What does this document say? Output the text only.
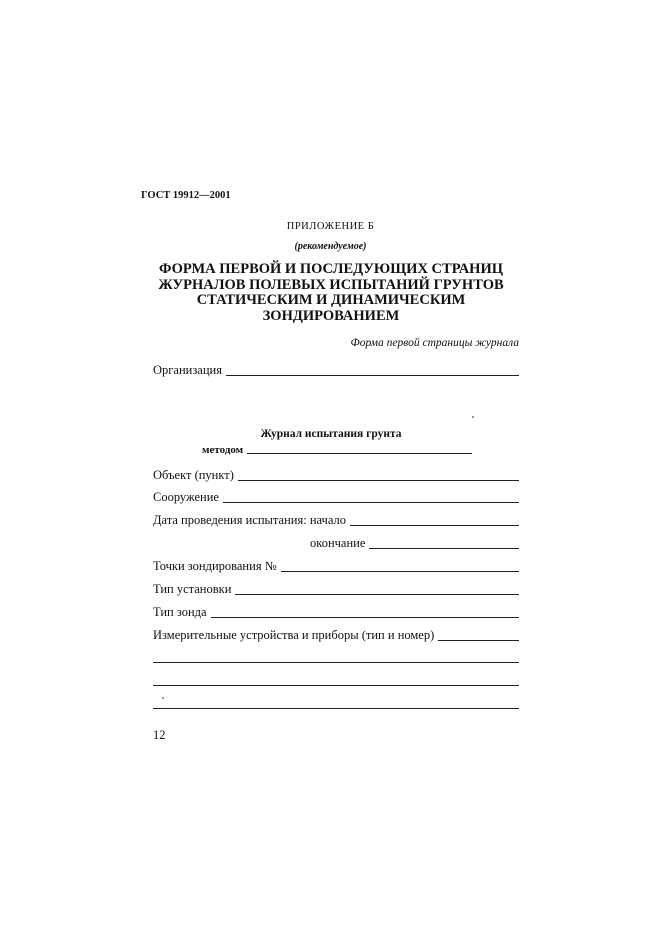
ГОСТ 19912—2001
ПРИЛОЖЕНИЕ Б
(рекомендуемое)
ФОРМА ПЕРВОЙ И ПОСЛЕДУЮЩИХ СТРАНИЦ
ЖУРНАЛОВ ПОЛЕВЫХ ИСПЫТАНИЙ ГРУНТОВ
СТАТИЧЕСКИМ И ДИНАМИЧЕСКИМ
ЗОНДИРОВАНИЕМ
Форма первой страницы журнала
Организация
Журнал испытания грунта
методом
Объект (пункт)
Сооружение
Дата проведения испытания: начало
окончание
Точки зондирования №
Тип установки
Тип зонда
Измерительные устройства и приборы (тип и номер)
12
